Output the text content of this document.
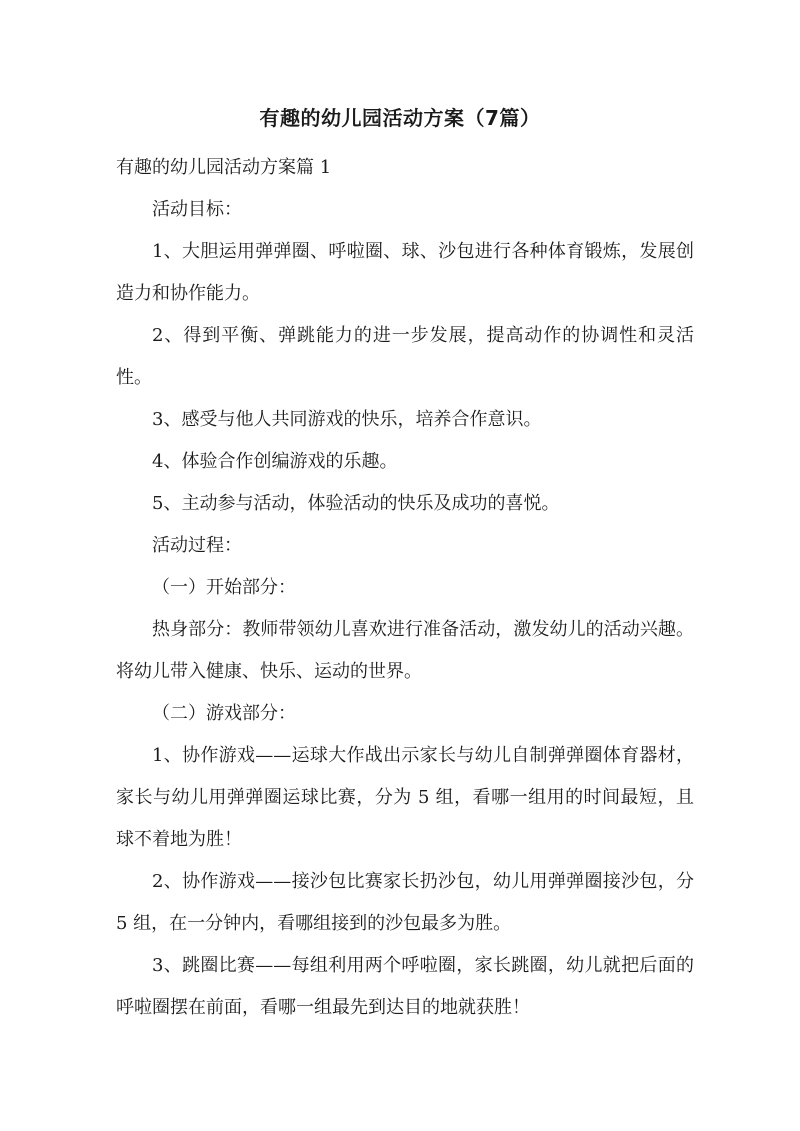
有趣的幼儿园活动方案（7篇）

有趣的幼儿园活动方案篇 1

活动目标：

1、大胆运用弹弹圈、呼啦圈、球、沙包进行各种体育锻炼，发展创造力和协作能力。

2、得到平衡、弹跳能力的进一步发展，提高动作的协调性和灵活性。

3、感受与他人共同游戏的快乐，培养合作意识。

4、体验合作创编游戏的乐趣。

5、主动参与活动，体验活动的快乐及成功的喜悦。

活动过程：

（一）开始部分：

热身部分：教师带领幼儿喜欢进行准备活动，激发幼儿的活动兴趣。将幼儿带入健康、快乐、运动的世界。

（二）游戏部分：

1、协作游戏——运球大作战出示家长与幼儿自制弹弹圈体育器材，家长与幼儿用弹弹圈运球比赛，分为 5 组，看哪一组用的时间最短，且球不着地为胜！

2、协作游戏——接沙包比赛家长扔沙包，幼儿用弹弹圈接沙包，分 5 组，在一分钟内，看哪组接到的沙包最多为胜。

3、跳圈比赛——每组利用两个呼啦圈，家长跳圈，幼儿就把后面的呼啦圈摆在前面，看哪一组最先到达目的地就获胜！
